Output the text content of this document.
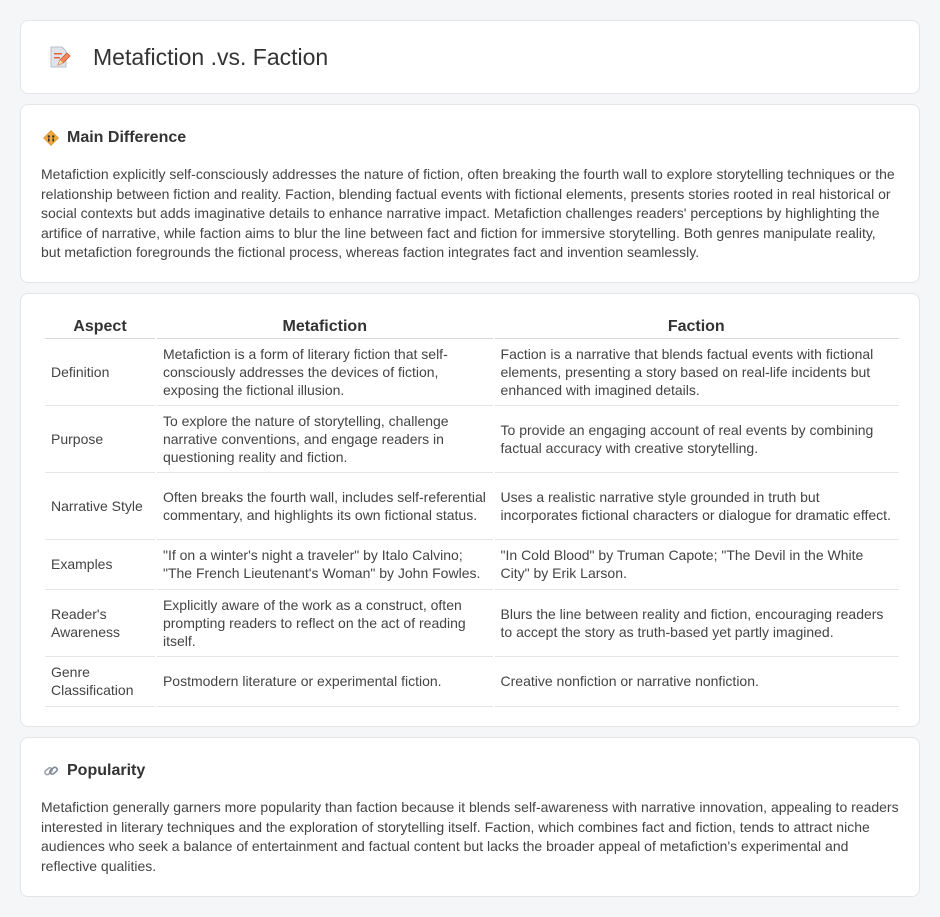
Metafiction .vs. Faction
Main Difference

Metafiction explicitly self-consciously addresses the nature of fiction, often breaking the fourth wall to explore storytelling techniques or the relationship between fiction and reality. Faction, blending factual events with fictional elements, presents stories rooted in real historical or social contexts but adds imaginative details to enhance narrative impact. Metafiction challenges readers' perceptions by highlighting the artifice of narrative, while faction aims to blur the line between fact and fiction for immersive storytelling. Both genres manipulate reality, but metafiction foregrounds the fictional process, whereas faction integrates fact and invention seamlessly.

Aspect	Metafiction	Faction
Definition	Metafiction is a form of literary fiction that self-consciously addresses the devices of fiction, exposing the fictional illusion.	Faction is a narrative that blends factual events with fictional elements, presenting a story based on real-life incidents but enhanced with imagined details.
Purpose	To explore the nature of storytelling, challenge narrative conventions, and engage readers in questioning reality and fiction.	To provide an engaging account of real events by combining factual accuracy with creative storytelling.
Narrative Style	Often breaks the fourth wall, includes self-referential commentary, and highlights its own fictional status.	Uses a realistic narrative style grounded in truth but incorporates fictional characters or dialogue for dramatic effect.
Examples	"If on a winter's night a traveler" by Italo Calvino; "The French Lieutenant's Woman" by John Fowles.	"In Cold Blood" by Truman Capote; "The Devil in the White City" by Erik Larson.
Reader's Awareness	Explicitly aware of the work as a construct, often prompting readers to reflect on the act of reading itself.	Blurs the line between reality and fiction, encouraging readers to accept the story as truth-based yet partly imagined.
Genre Classification	Postmodern literature or experimental fiction.	Creative nonfiction or narrative nonfiction.
Popularity

Metafiction generally garners more popularity than faction because it blends self-awareness with narrative innovation, appealing to readers interested in literary techniques and the exploration of storytelling itself. Faction, which combines fact and fiction, tends to attract niche audiences who seek a balance of entertainment and factual content but lacks the broader appeal of metafiction's experimental and reflective qualities.
